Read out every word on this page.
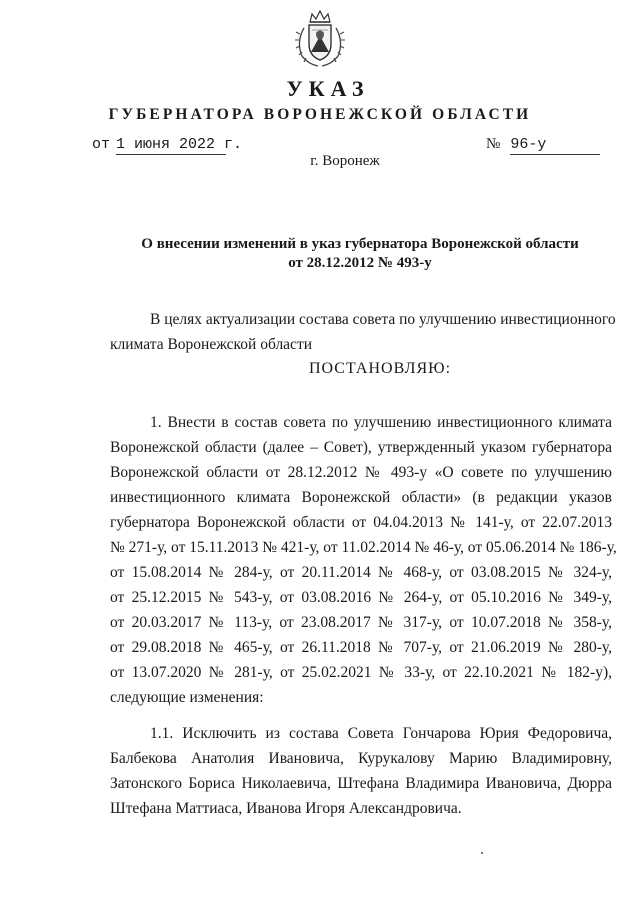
УКАЗ
ГУБЕРНАТОРА ВОРОНЕЖСКОЙ ОБЛАСТИ
от 1 июня 2022 г.	№ 96-у
г. Воронеж
О внесении изменений в указ губернатора Воронежской области
от 28.12.2012 № 493-у
В целях актуализации состава совета по улучшению инвестиционного
климата Воронежской области
ПОСТАНОВЛЯЮ:
1. Внести в состав совета по улучшению инвестиционного климата
Воронежской области (далее – Совет), утвержденный указом губернатора
Воронежской области от 28.12.2012 № 493-у «О совете по улучшению
инвестиционного климата Воронежской области» (в редакции указов
губернатора Воронежской области от 04.04.2013 № 141-у, от 22.07.2013
№ 271-у, от 15.11.2013 № 421-у, от 11.02.2014 № 46-у, от 05.06.2014 № 186-у,
от 15.08.2014 № 284-у, от 20.11.2014 № 468-у, от 03.08.2015 № 324-у,
от 25.12.2015 № 543-у, от 03.08.2016 № 264-у, от 05.10.2016 № 349-у,
от 20.03.2017 № 113-у, от 23.08.2017 № 317-у, от 10.07.2018 № 358-у,
от 29.08.2018 № 465-у, от 26.11.2018 № 707-у, от 21.06.2019 № 280-у,
от 13.07.2020 № 281-у, от 25.02.2021 № 33-у, от 22.10.2021 № 182-у),
следующие изменения:
1.1. Исключить из состава Совета Гончарова Юрия Федоровича,
Балбекова Анатолия Ивановича, Курукалову Марию Владимировну,
Затонского Бориса Николаевича, Штефана Владимира Ивановича, Дюрра
Штефана Маттиаса, Иванова Игоря Александровича.
